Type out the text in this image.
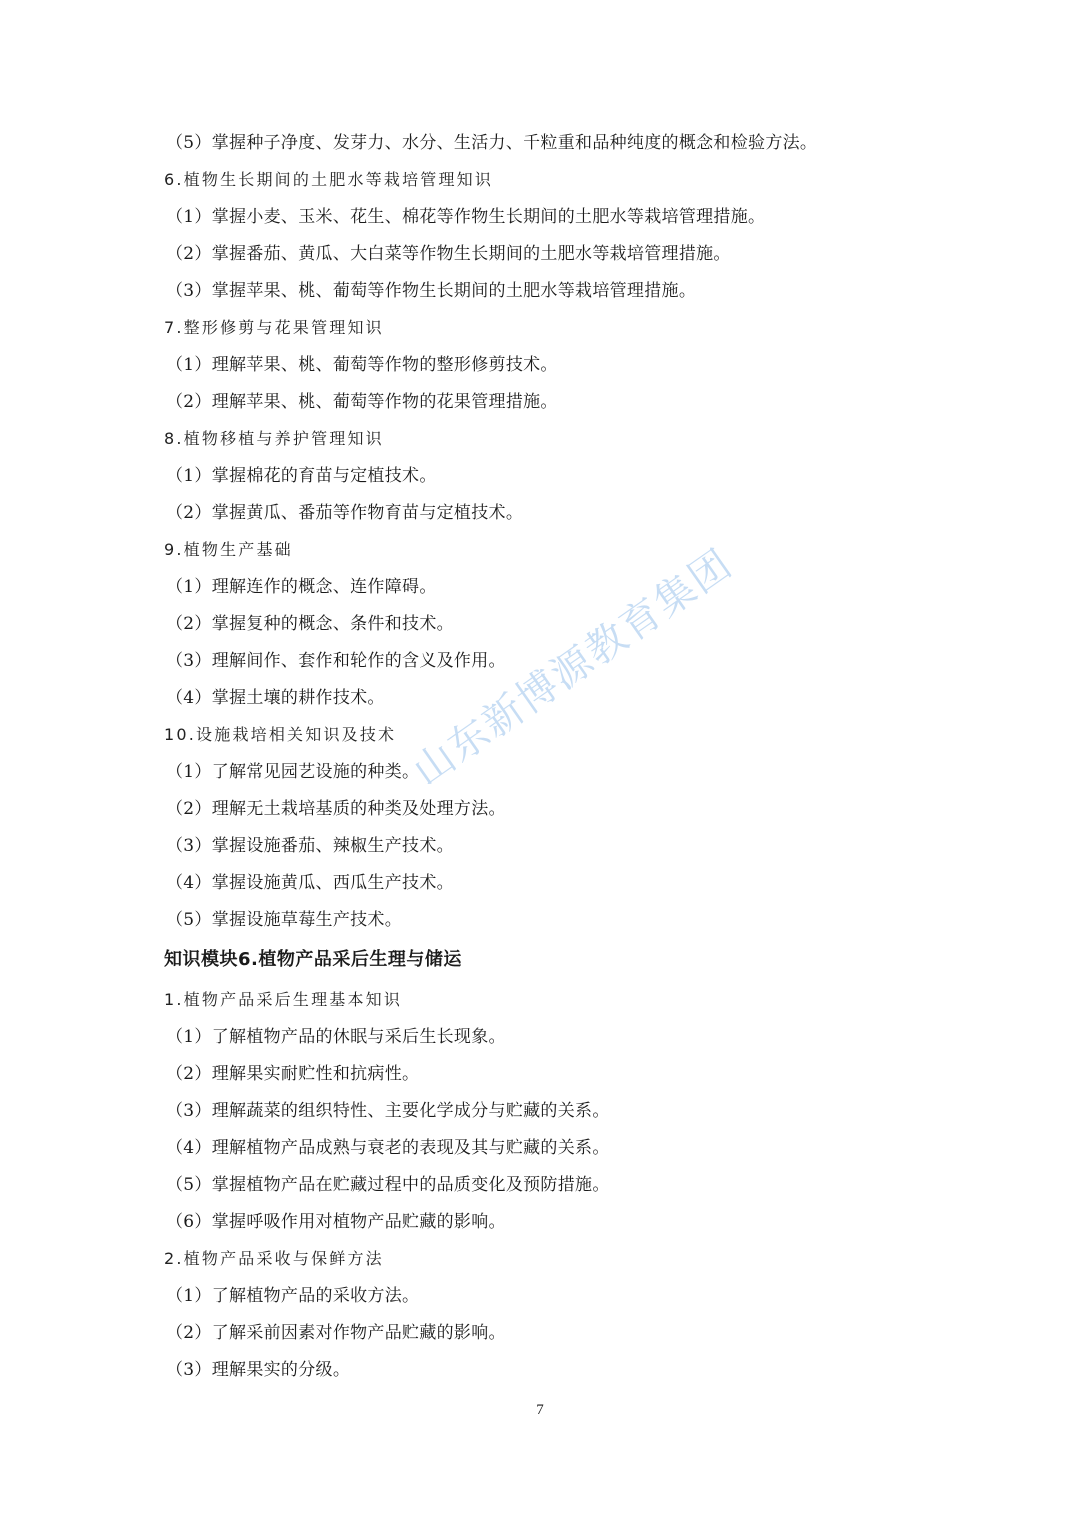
（5）掌握种子净度、发芽力、水分、生活力、千粒重和品种纯度的概念和检验方法。
6.植物生长期间的土肥水等栽培管理知识
（1）掌握小麦、玉米、花生、棉花等作物生长期间的土肥水等栽培管理措施。
（2）掌握番茄、黄瓜、大白菜等作物生长期间的土肥水等栽培管理措施。
（3）掌握苹果、桃、葡萄等作物生长期间的土肥水等栽培管理措施。
7.整形修剪与花果管理知识
（1）理解苹果、桃、葡萄等作物的整形修剪技术。
（2）理解苹果、桃、葡萄等作物的花果管理措施。
8.植物移植与养护管理知识
（1）掌握棉花的育苗与定植技术。
（2）掌握黄瓜、番茄等作物育苗与定植技术。
9.植物生产基础
（1）理解连作的概念、连作障碍。
（2）掌握复种的概念、条件和技术。
（3）理解间作、套作和轮作的含义及作用。
（4）掌握土壤的耕作技术。
10.设施栽培相关知识及技术
（1）了解常见园艺设施的种类。
（2）理解无土栽培基质的种类及处理方法。
（3）掌握设施番茄、辣椒生产技术。
（4）掌握设施黄瓜、西瓜生产技术。
（5）掌握设施草莓生产技术。
知识模块6.植物产品采后生理与储运
1.植物产品采后生理基本知识
（1）了解植物产品的休眠与采后生长现象。
（2）理解果实耐贮性和抗病性。
（3）理解蔬菜的组织特性、主要化学成分与贮藏的关系。
（4）理解植物产品成熟与衰老的表现及其与贮藏的关系。
（5）掌握植物产品在贮藏过程中的品质变化及预防措施。
（6）掌握呼吸作用对植物产品贮藏的影响。
2.植物产品采收与保鲜方法
（1）了解植物产品的采收方法。
（2）了解采前因素对作物产品贮藏的影响。
（3）理解果实的分级。
山东新博源教育集团
7
